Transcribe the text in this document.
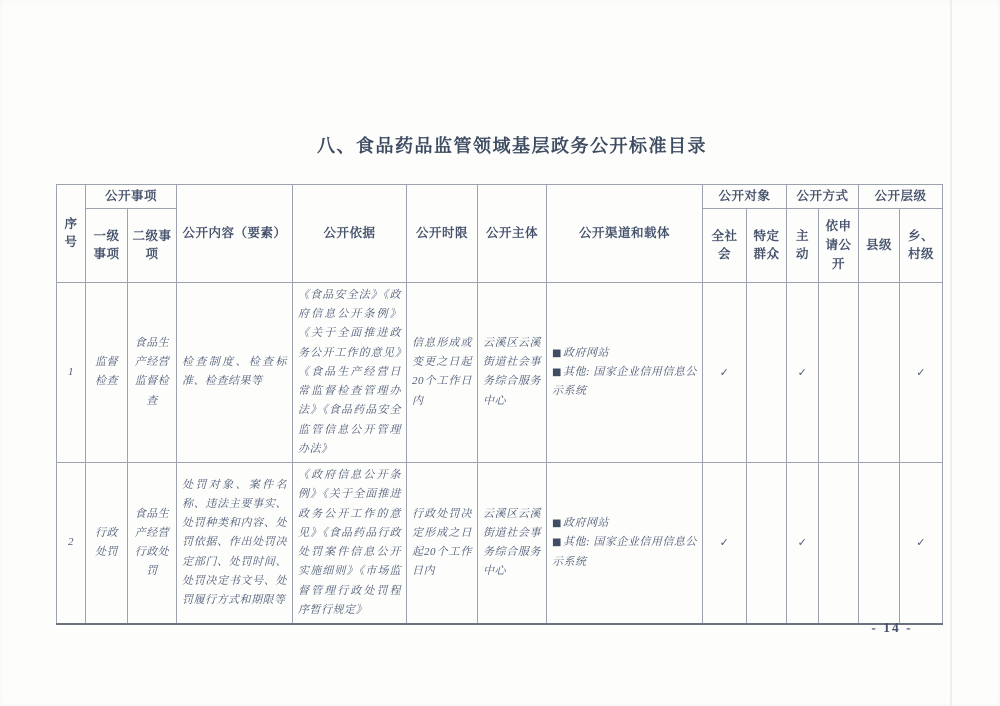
八、食品药品监管领域基层政务公开标准目录
序号	公开事项		公开内容（要素）	公开依据	公开时限	公开主体	公开渠道和载体	公开对象		公开方式		公开层级	
	一级事项	二级事项						全社会	特定群众	主动	依申请公开	县级	乡、村级
1	监督检查	食品生产经营监督检查	检查制度、检查标准、检查结果等	《食品安全法》《政府信息公开条例》《关于全面推进政务公开工作的意见》《食品生产经营日常监督检查管理办法》《食品药品安全监管信息公开管理办法》	信息形成或变更之日起20个工作日内	云溪区云溪街道社会事务综合服务中心	■政府网站
■其他: 国家企业信用信息公示系统	✓		✓			✓
2	行政处罚	食品生产经营行政处罚	处罚对象、案件名称、违法主要事实、处罚种类和内容、处罚依据、作出处罚决定部门、处罚时间、处罚决定书文号、处罚履行方式和期限等	《政府信息公开条例》《关于全面推进政务公开工作的意见》《食品药品行政处罚案件信息公开实施细则》《市场监督管理行政处罚程序暂行规定》	行政处罚决定形成之日起20个工作日内	云溪区云溪街道社会事务综合服务中心	■政府网站
■其他: 国家企业信用信息公示系统	✓		✓			✓
- 14 -
